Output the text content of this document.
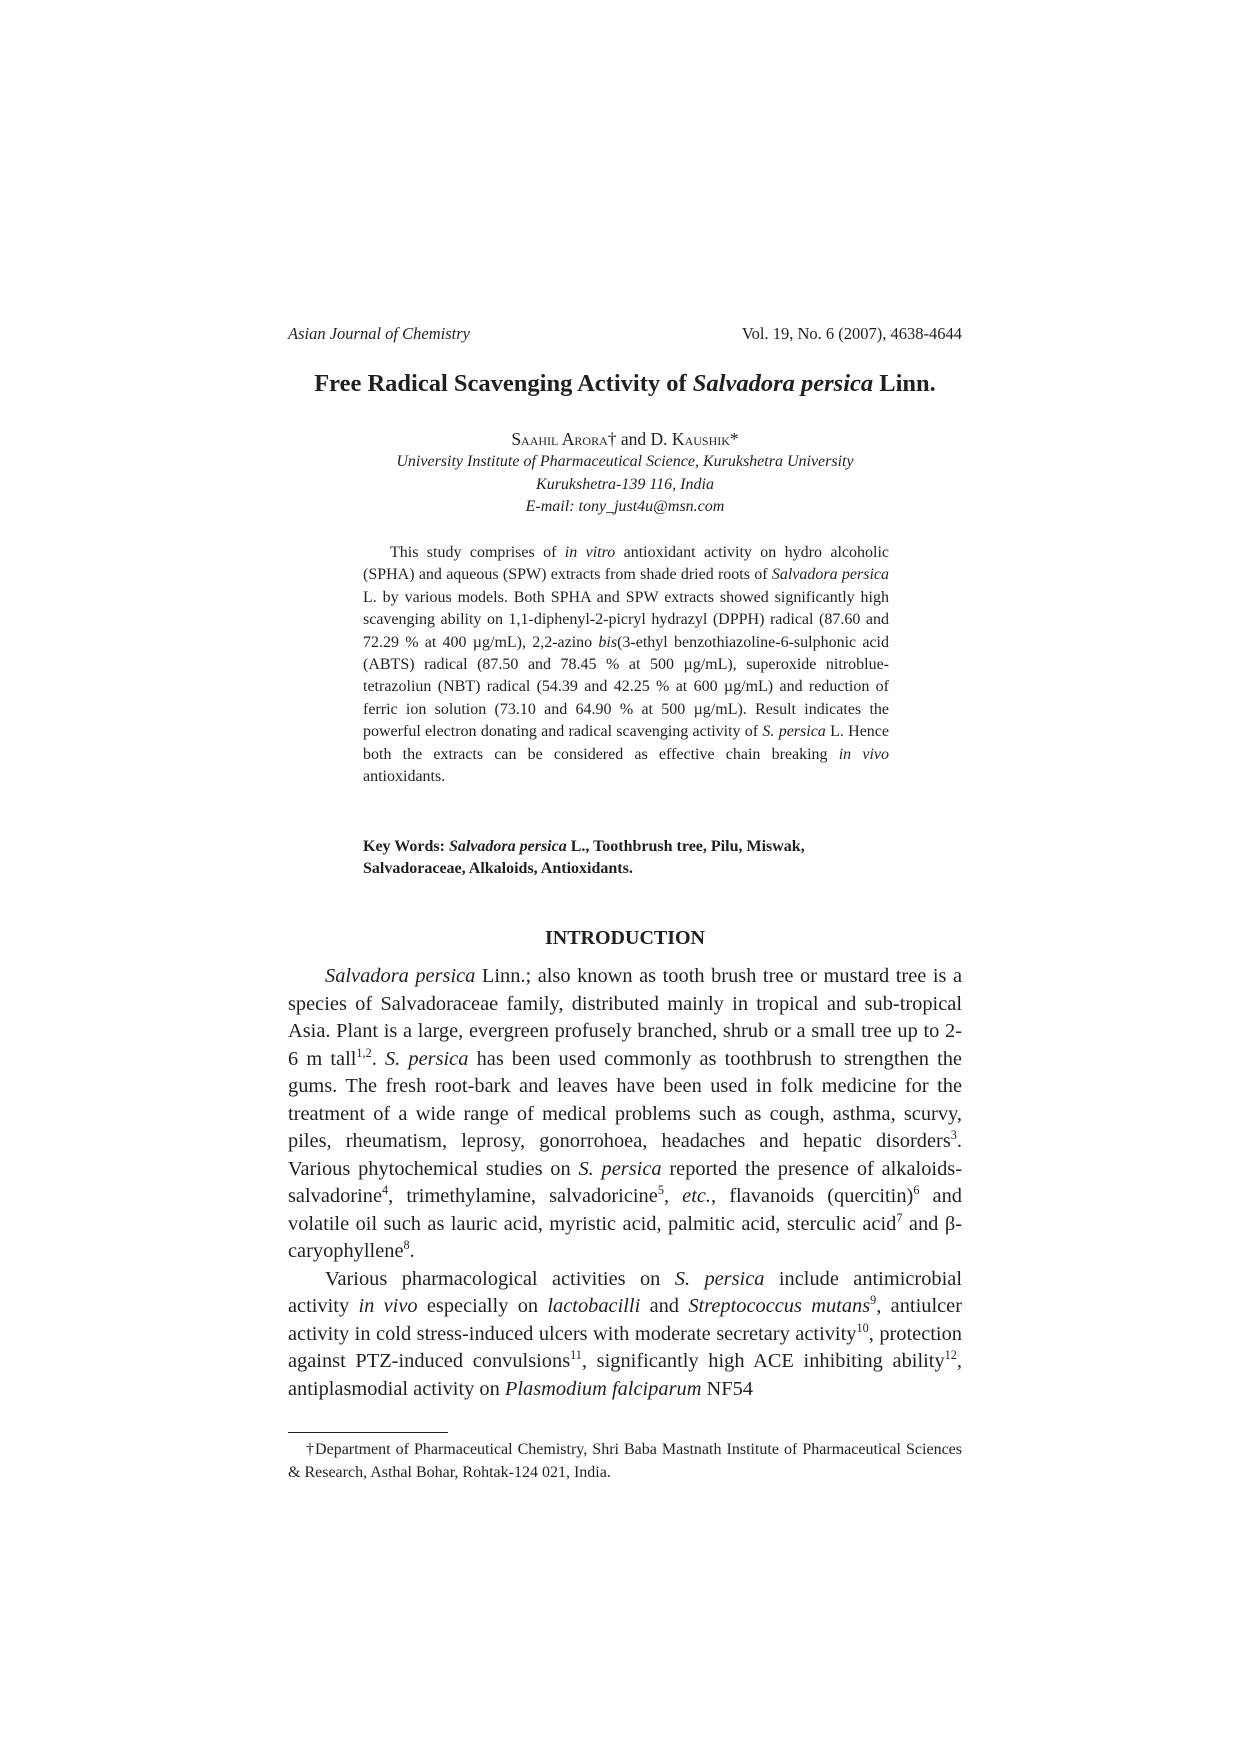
Asian Journal of Chemistry	Vol. 19, No. 6 (2007), 4638-4644
Free Radical Scavenging Activity of Salvadora persica Linn.
Saahil Arora† and D. Kaushik*
University Institute of Pharmaceutical Science, Kurukshetra University
Kurukshetra-139 116, India
E-mail: tony_just4u@msn.com

This study comprises of in vitro antioxidant activity on hydro alcoholic (SPHA) and aqueous (SPW) extracts from shade dried roots of Salvadora persica L. by various models. Both SPHA and SPW extracts showed significantly high scavenging ability on 1,1-diphenyl-2-picryl hydrazyl (DPPH) radical (87.60 and 72.29 % at 400 µg/mL), 2,2-azino bis(3-ethyl benzothiazoline-6-sulphonic acid (ABTS) radical (87.50 and 78.45 % at 500 µg/mL), superoxide nitroblue-tetrazoliun (NBT) radical (54.39 and 42.25 % at 600 µg/mL) and reduction of ferric ion solution (73.10 and 64.90 % at 500 µg/mL). Result indicates the powerful electron donating and radical scavenging activity of S. persica L. Hence both the extracts can be considered as effective chain breaking in vivo antioxidants.

Key Words: Salvadora persica L., Toothbrush tree, Pilu, Miswak, Salvadoraceae, Alkaloids, Antioxidants.
INTRODUCTION

Salvadora persica Linn.; also known as tooth brush tree or mustard tree is a species of Salvadoraceae family, distributed mainly in tropical and sub-tropical Asia. Plant is a large, evergreen profusely branched, shrub or a small tree up to 2-6 m tall$^{1,2}$. S. persica has been used commonly as toothbrush to strengthen the gums. The fresh root-bark and leaves have been used in folk medicine for the treatment of a wide range of medical problems such as cough, asthma, scurvy, piles, rheumatism, leprosy, gonorrohoea, headaches and hepatic disorders$^3$. Various phytochemical studies on S. persica reported the presence of alkaloids-salvadorine$^4$, trimethylamine, salvadoricine$^5$, etc., flavanoids (quercitin)$^6$ and volatile oil such as lauric acid, myristic acid, palmitic acid, sterculic acid$^7$ and β-caryophyllene$^8$.

Various pharmacological activities on S. persica include antimicrobial activity in vivo especially on lactobacilli and Streptococcus mutans$^9$, antiulcer activity in cold stress-induced ulcers with moderate secretary activity$^{10}$, protection against PTZ-induced convulsions$^{11}$, significantly high ACE inhibiting ability$^{12}$, antiplasmodial activity on Plasmodium falciparum NF54

†Department of Pharmaceutical Chemistry, Shri Baba Mastnath Institute of Pharmaceutical Sciences & Research, Asthal Bohar, Rohtak-124 021, India.
